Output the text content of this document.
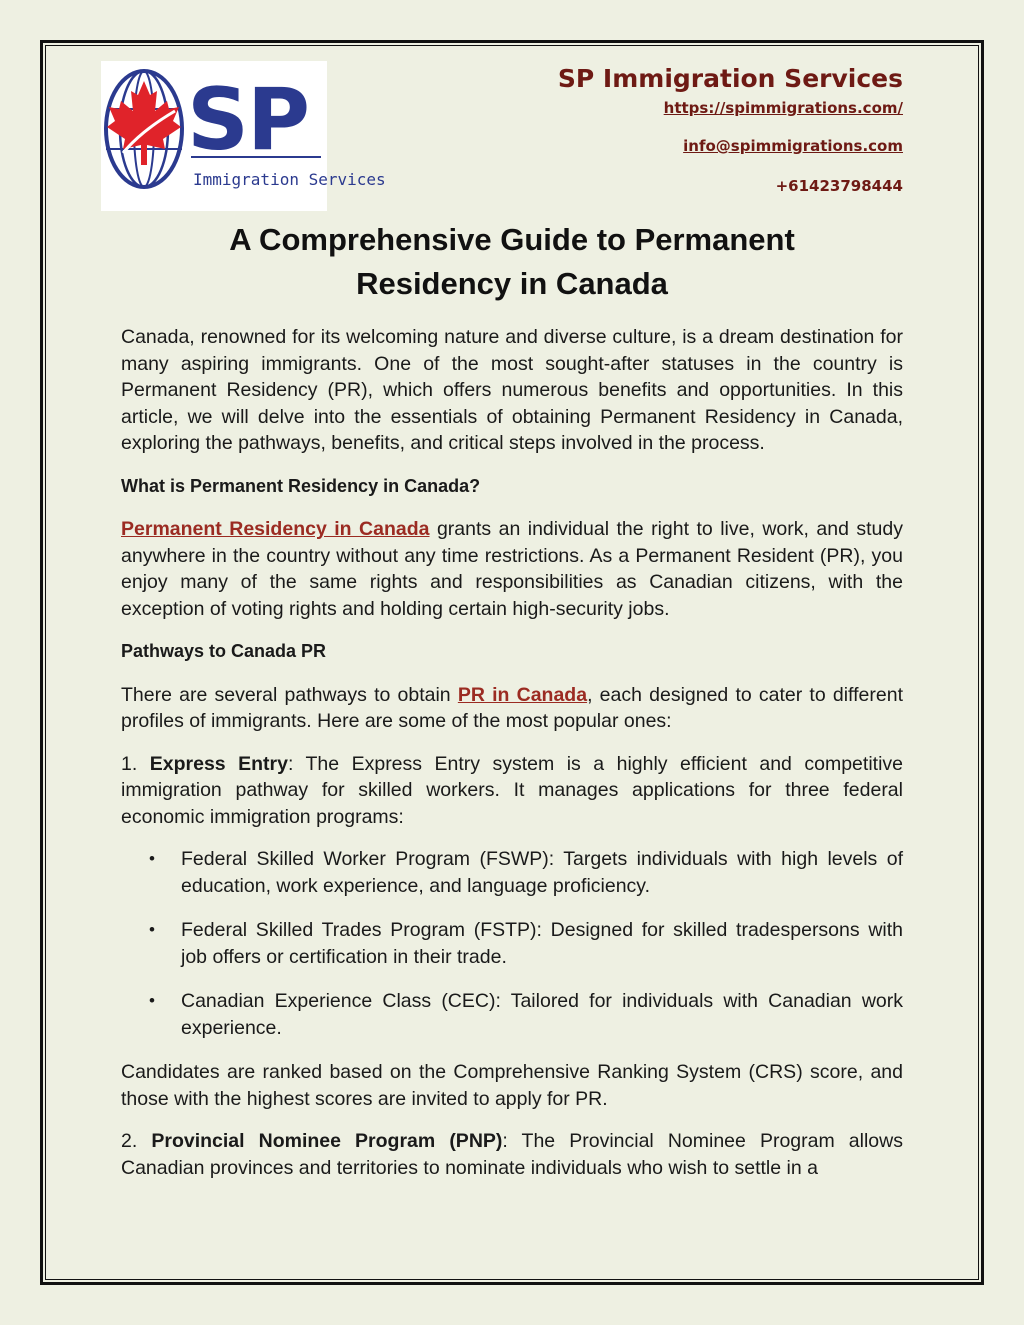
SP
Immigration Services
SP Immigration Services
https://spimmigrations.com/
info@spimmigrations.com
+61423798444
A Comprehensive Guide to Permanent
Residency in Canada

Canada, renowned for its welcoming nature and diverse culture, is a dream destination for many aspiring immigrants. One of the most sought-after statuses in the country is Permanent Residency (PR), which offers numerous benefits and opportunities. In this article, we will delve into the essentials of obtaining Permanent Residency in Canada, exploring the pathways, benefits, and critical steps involved in the process.

What is Permanent Residency in Canada?

Permanent Residency in Canada grants an individual the right to live, work, and study anywhere in the country without any time restrictions. As a Permanent Resident (PR), you enjoy many of the same rights and responsibilities as Canadian citizens, with the exception of voting rights and holding certain high-security jobs.

Pathways to Canada PR

There are several pathways to obtain PR in Canada, each designed to cater to different profiles of immigrants. Here are some of the most popular ones:

1. Express Entry: The Express Entry system is a highly efficient and competitive immigration pathway for skilled workers. It manages applications for three federal economic immigration programs:

• Federal Skilled Worker Program (FSWP): Targets individuals with high levels of education, work experience, and language proficiency.
• Federal Skilled Trades Program (FSTP): Designed for skilled tradespersons with job offers or certification in their trade.
• Canadian Experience Class (CEC): Tailored for individuals with Canadian work experience.

Candidates are ranked based on the Comprehensive Ranking System (CRS) score, and those with the highest scores are invited to apply for PR.

2. Provincial Nominee Program (PNP): The Provincial Nominee Program allows Canadian provinces and territories to nominate individuals who wish to settle in a
